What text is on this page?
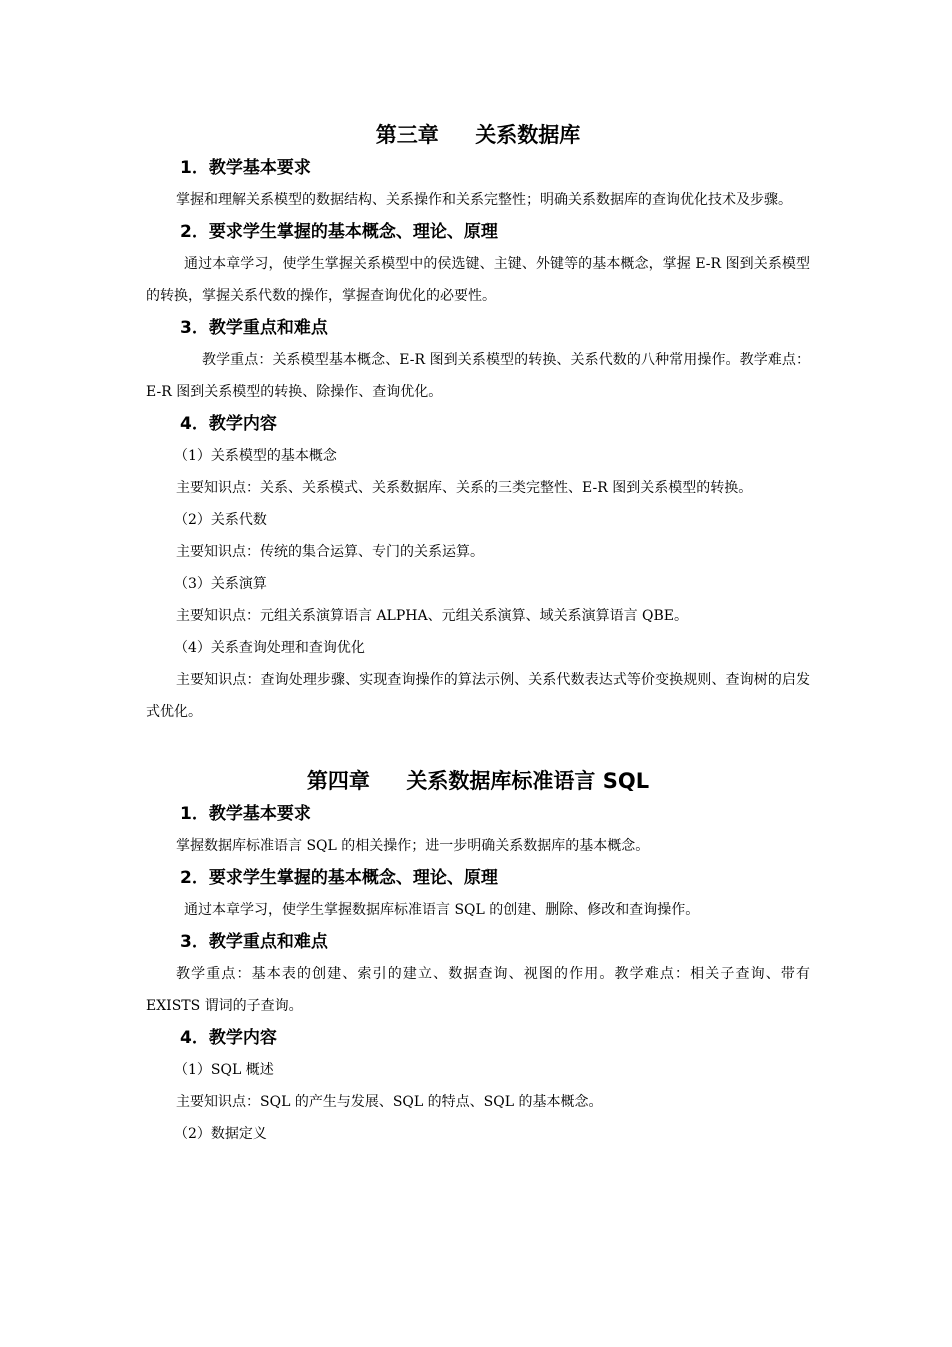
第三章     关系数据库
1．教学基本要求

掌握和理解关系模型的数据结构、关系操作和关系完整性；明确关系数据库的查询优化技术及步骤。

2．要求学生掌握的基本概念、理论、原理

通过本章学习，使学生掌握关系模型中的侯选键、主键、外键等的基本概念，掌握 E-R 图到关系模型的转换，掌握关系代数的操作，掌握查询优化的必要性。

3．教学重点和难点

教学重点：关系模型基本概念、E-R 图到关系模型的转换、关系代数的八种常用操作。教学难点：E-R 图到关系模型的转换、除操作、查询优化。

4．教学内容

（1）关系模型的基本概念

主要知识点：关系、关系模式、关系数据库、关系的三类完整性、E-R 图到关系模型的转换。

（2）关系代数

主要知识点：传统的集合运算、专门的关系运算。

（3）关系演算

主要知识点：元组关系演算语言 ALPHA、元组关系演算、域关系演算语言 QBE。

（4）关系查询处理和查询优化

主要知识点：查询处理步骤、实现查询操作的算法示例、关系代数表达式等价变换规则、查询树的启发式优化。

第四章     关系数据库标准语言 SQL
1．教学基本要求

掌握数据库标准语言 SQL 的相关操作；进一步明确关系数据库的基本概念。

2．要求学生掌握的基本概念、理论、原理

通过本章学习，使学生掌握数据库标准语言 SQL 的创建、删除、修改和查询操作。

3．教学重点和难点

教学重点：基本表的创建、索引的建立、数据查询、视图的作用。教学难点：相关子查询、带有 EXISTS 谓词的子查询。

4．教学内容

（1）SQL 概述

主要知识点：SQL 的产生与发展、SQL 的特点、SQL 的基本概念。

（2）数据定义
